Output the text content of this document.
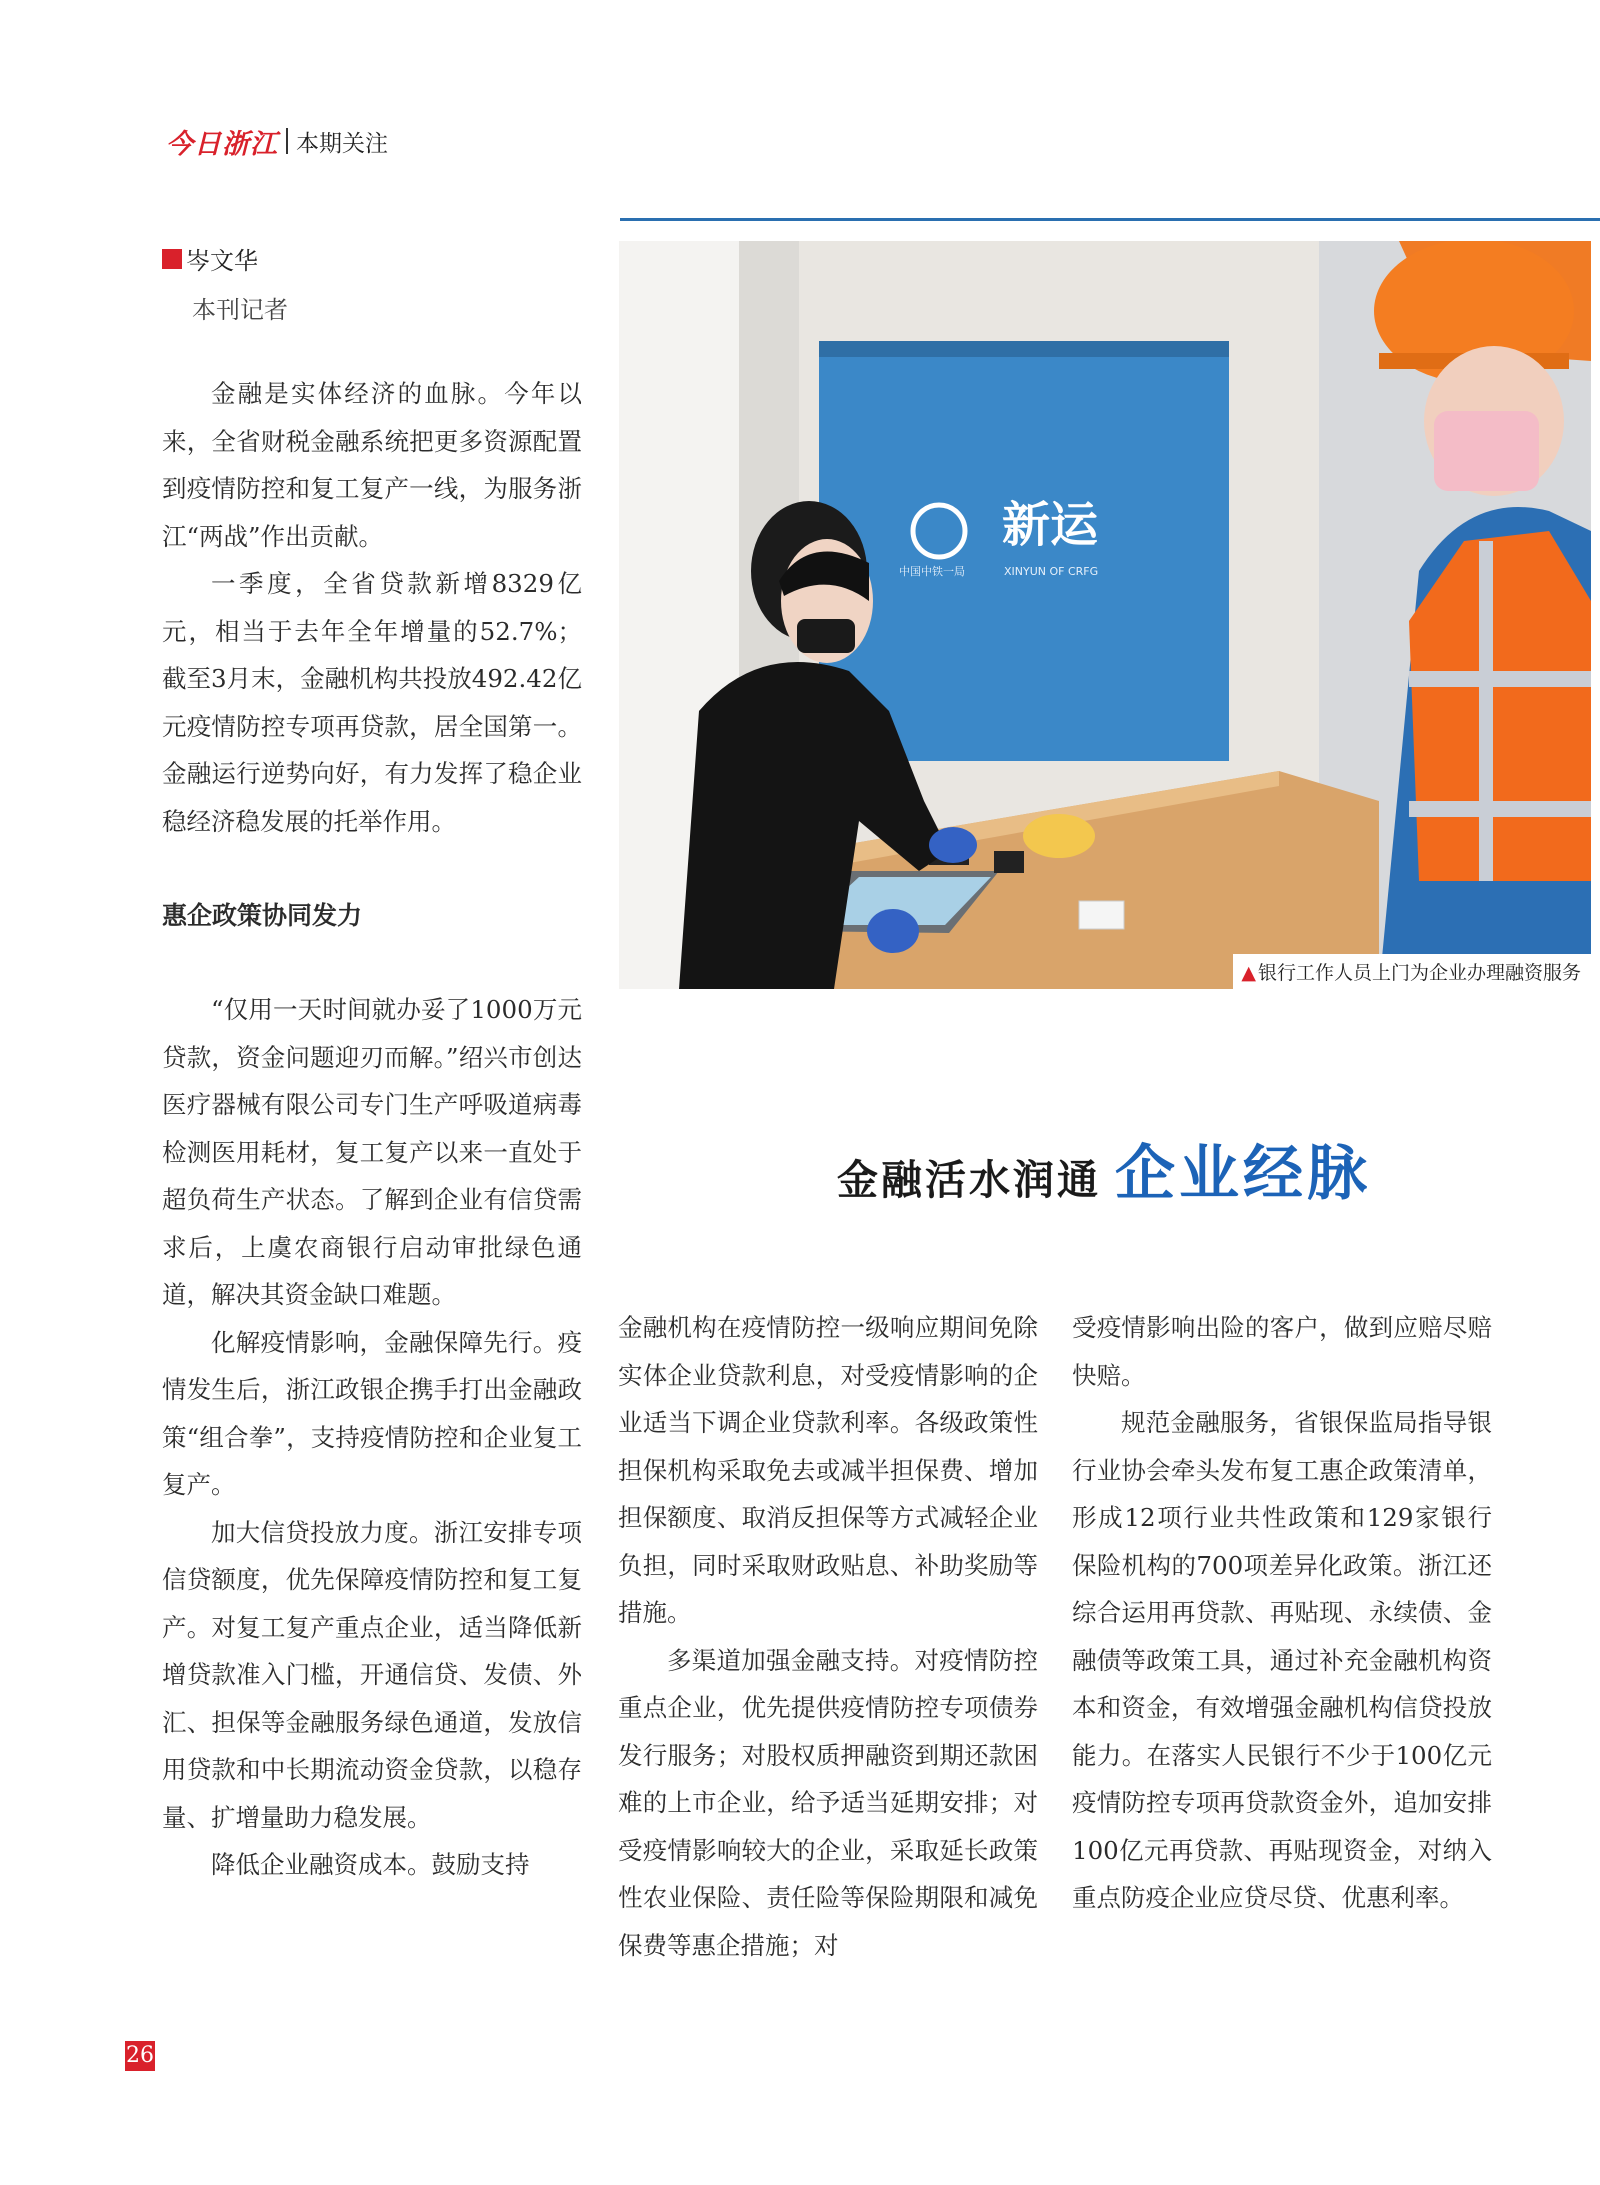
今日浙江 本期关注
岑文华
本刊记者

金融是实体经济的血脉。今年以来，全省财税金融系统把更多资源配置到疫情防控和复工复产一线，为服务浙江“两战”作出贡献。

一季度，全省贷款新增8329亿元，相当于去年全年增量的52.7%；截至3月末，金融机构共投放492.42亿元疫情防控专项再贷款，居全国第一。金融运行逆势向好，有力发挥了稳企业稳经济稳发展的托举作用。

惠企政策协同发力

“仅用一天时间就办妥了1000万元贷款，资金问题迎刃而解。”绍兴市创达医疗器械有限公司专门生产呼吸道病毒检测医用耗材，复工复产以来一直处于超负荷生产状态。了解到企业有信贷需求后，上虞农商银行启动审批绿色通道，解决其资金缺口难题。

化解疫情影响，金融保障先行。疫情发生后，浙江政银企携手打出金融政策“组合拳”，支持疫情防控和企业复工复产。

加大信贷投放力度。浙江安排专项信贷额度，优先保障疫情防控和复工复产。对复工复产重点企业，适当降低新增贷款准入门槛，开通信贷、发债、外汇、担保等金融服务绿色通道，发放信用贷款和中长期流动资金贷款，以稳存量、扩增量助力稳发展。

降低企业融资成本。鼓励支持

新运
中国中铁一局	XINYUN OF CRFG
▲ 银行工作人员上门为企业办理融资服务
金融活水润通 企业经脉

金融机构在疫情防控一级响应期间免除实体企业贷款利息，对受疫情影响的企业适当下调企业贷款利率。各级政策性担保机构采取免去或减半担保费、增加担保额度、取消反担保等方式减轻企业负担，同时采取财政贴息、补助奖励等措施。

多渠道加强金融支持。对疫情防控重点企业，优先提供疫情防控专项债券发行服务；对股权质押融资到期还款困难的上市企业，给予适当延期安排；对受疫情影响较大的企业，采取延长政策性农业保险、责任险等保险期限和减免保费等惠企措施；对

受疫情影响出险的客户，做到应赔尽赔快赔。

规范金融服务，省银保监局指导银行业协会牵头发布复工惠企政策清单，形成12项行业共性政策和129家银行保险机构的700项差异化政策。浙江还综合运用再贷款、再贴现、永续债、金融债等政策工具，通过补充金融机构资本和资金，有效增强金融机构信贷投放能力。在落实人民银行不少于100亿元疫情防控专项再贷款资金外，追加安排100亿元再贷款、再贴现资金，对纳入重点防疫企业应贷尽贷、优惠利率。

26
